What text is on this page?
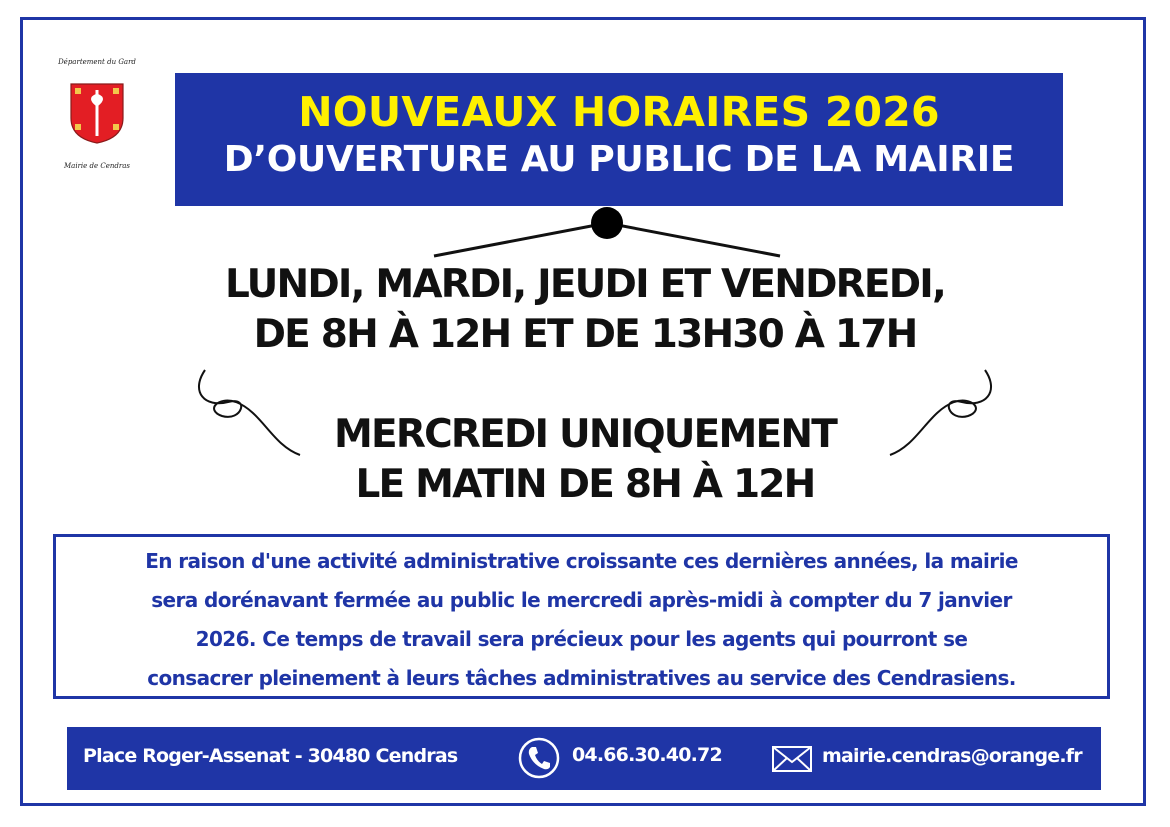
Département du Gard
Mairie de Cendras
NOUVEAUX HORAIRES 2026
D’OUVERTURE AU PUBLIC DE LA MAIRIE
LUNDI, MARDI, JEUDI ET VENDREDI,
DE 8H À 12H ET DE 13H30 À 17H
MERCREDI UNIQUEMENT
LE MATIN DE 8H À 12H
En raison d'une activité administrative croissante ces dernières années, la mairie
sera dorénavant fermée au public le mercredi après-midi à compter du 7 janvier
2026. Ce temps de travail sera précieux pour les agents qui pourront se
consacrer pleinement à leurs tâches administratives au service des Cendrasiens.
Place Roger-Assenat - 30480 Cendras	04.66.30.40.72	mairie.cendras@orange.fr
